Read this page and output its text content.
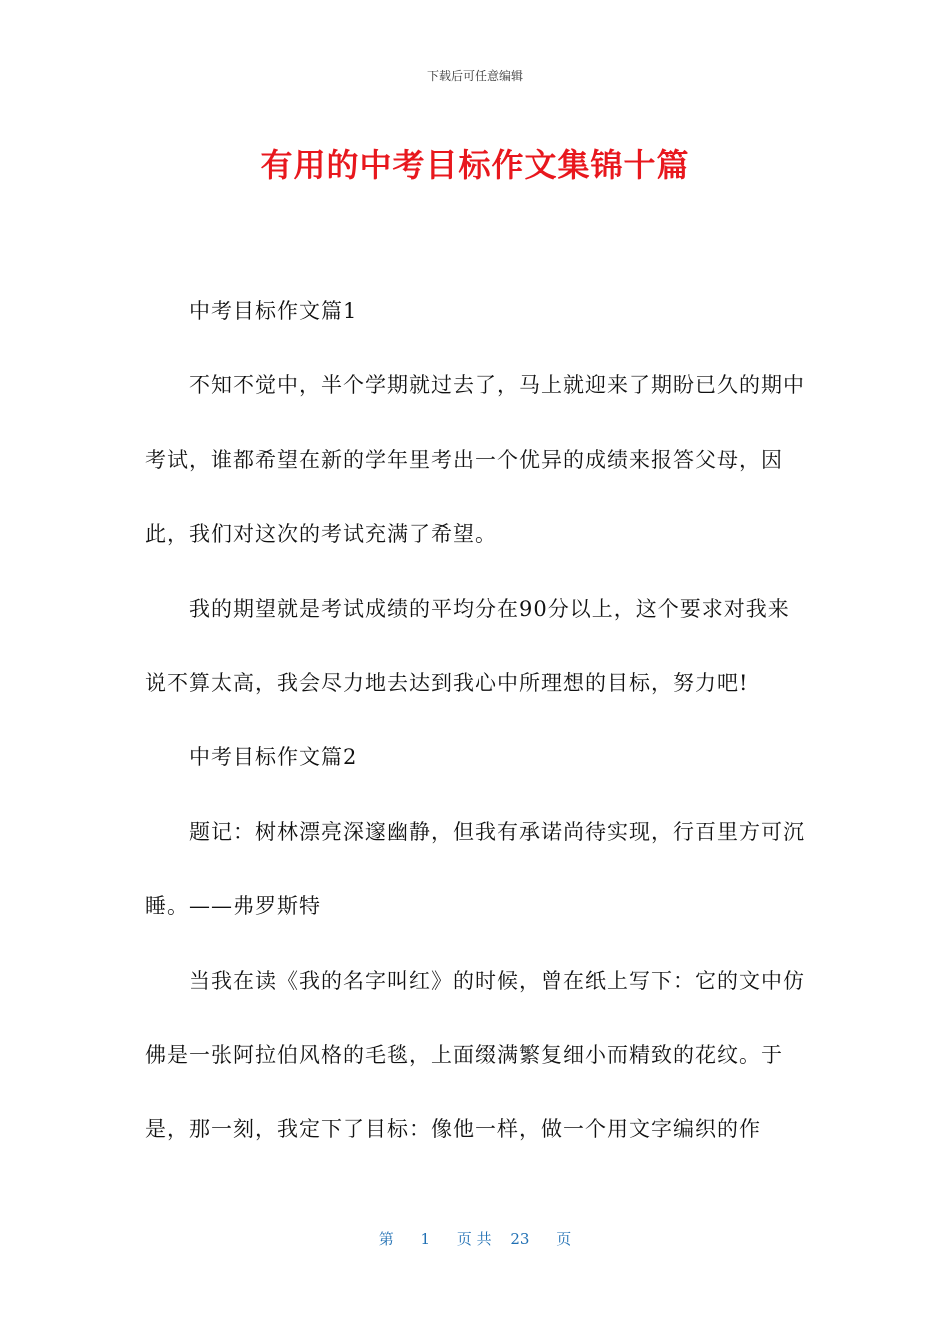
下载后可任意编辑
有用的中考目标作文集锦十篇

中考目标作文篇1

不知不觉中，半个学期就过去了，马上就迎来了期盼已久的期中考试，谁都希望在新的学年里考出一个优异的成绩来报答父母，因此，我们对这次的考试充满了希望。

我的期望就是考试成绩的平均分在90分以上，这个要求对我来说不算太高，我会尽力地去达到我心中所理想的目标，努力吧!

中考目标作文篇2

题记：树林漂亮深邃幽静，但我有承诺尚待实现，行百里方可沉睡。——弗罗斯特

当我在读《我的名字叫红》的时候，曾在纸上写下：它的文中仿佛是一张阿拉伯风格的毛毯，上面缀满繁复细小而精致的花纹。于是，那一刻，我定下了目标：像他一样，做一个用文字编织的作

第 1 页 共 23 页
